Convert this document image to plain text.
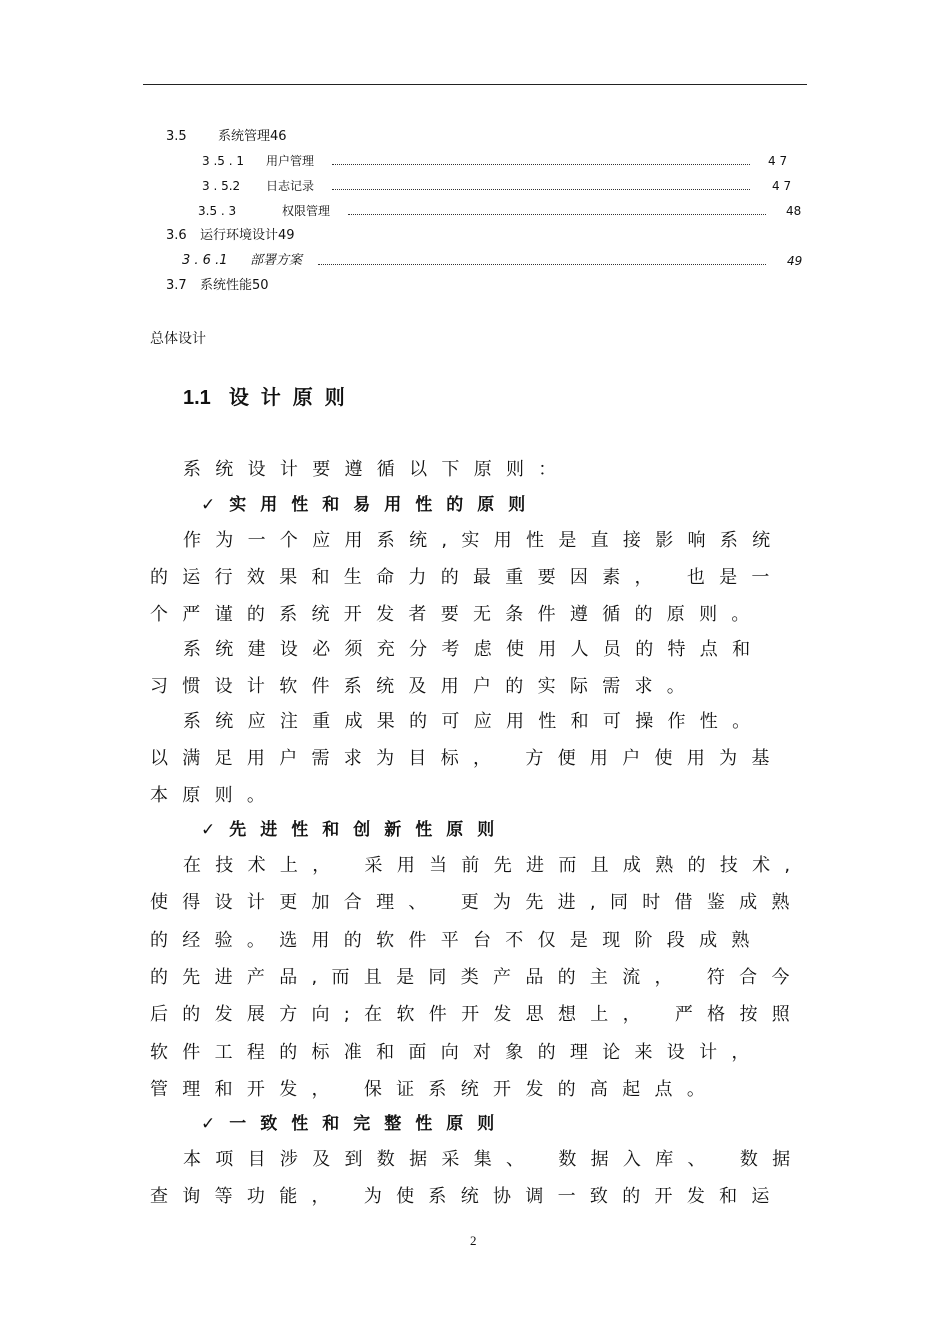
3.5 系统管理46
3 .5 . 1 用户管理	4 7
3 . 5.2 日志记录	4 7
3.5 . 3	权限管理	48
3.6 运行环境设计49
3 . 6 .1 部署方案	49
3.7 系统性能50
总体设计
1.1 设计原则
系统设计要遵循以下原则：
✓ 实用性和易用性的原则
作为一个应用系统,实用性是直接影响系统
的运行效果和生命力的最重要因素， 也是一
个严谨的系统开发者要无条件遵循的原则。
系统建设必须充分考虑使用人员的特点和
习惯设计软件系统及用户的实际需求。
系统应注重成果的可应用性和可操作性。
以满足用户需求为目标， 方便用户使用为基
本原则。
✓ 先进性和创新性原则
在技术上， 采用当前先进而且成熟的技术,
使得设计更加合理、 更为先进,同时借鉴成熟
的经验。选用的软件平台不仅是现阶段成熟
的先进产品,而且是同类产品的主流， 符合今
后的发展方向;在软件开发思想上， 严格按照
软件工程的标准和面向对象的理论来设计，
管理和开发， 保证系统开发的高起点。
✓ 一致性和完整性原则
本项目涉及到数据采集、 数据入库、 数据
查询等功能， 为使系统协调一致的开发和运
2
